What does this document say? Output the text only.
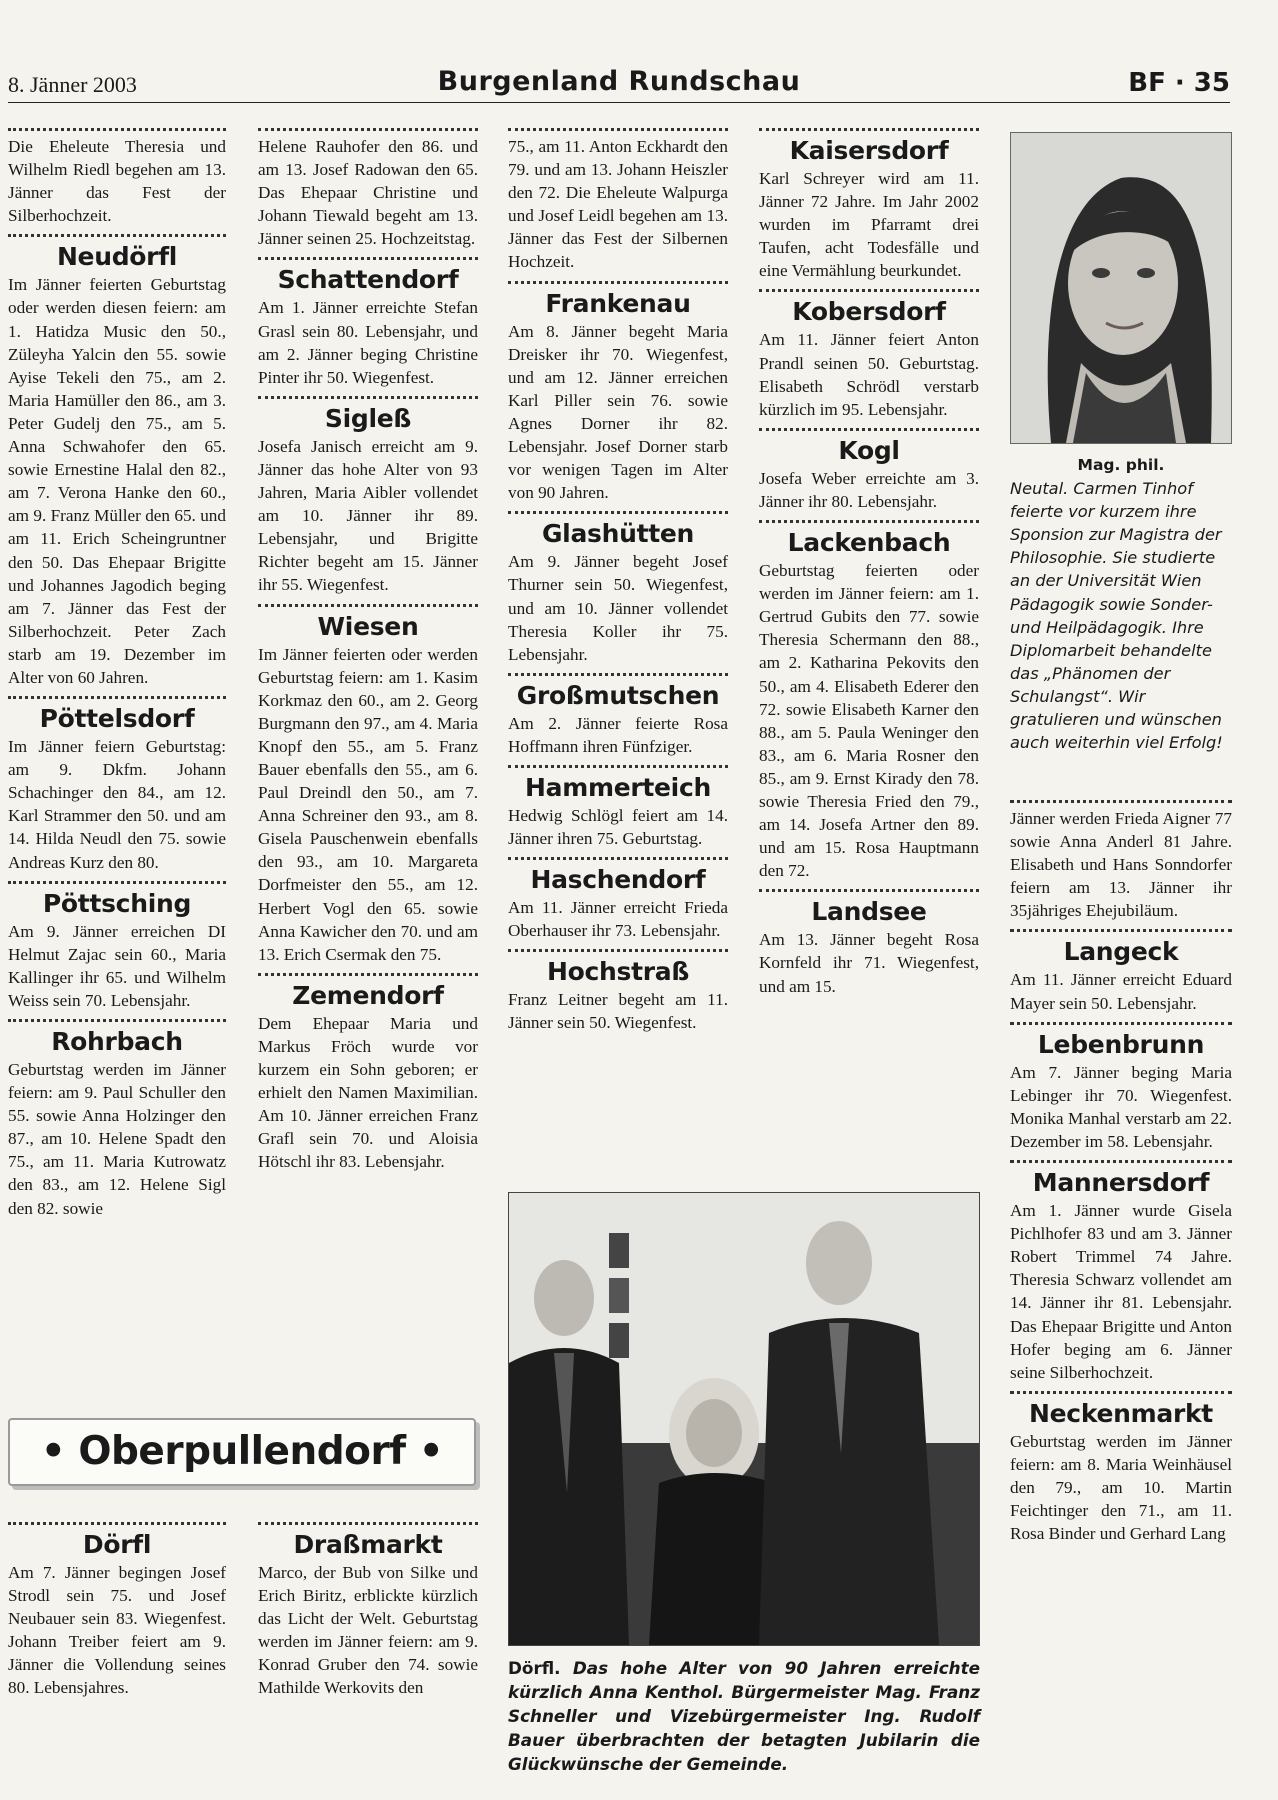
8. Jänner 2003	Burgenland Rundschau	BF · 35

Die Eheleute Theresia und Wilhelm Riedl begehen am 13. Jänner das Fest der Silberhochzeit.

Neudörfl

Im Jänner feierten Geburtstag oder werden diesen feiern: am 1. Hatidza Music den 50., Züleyha Yalcin den 55. sowie Ayise Tekeli den 75., am 2. Maria Hamüller den 86., am 3. Peter Gudelj den 75., am 5. Anna Schwahofer den 65. sowie Ernestine Halal den 82., am 7. Verona Hanke den 60., am 9. Franz Müller den 65. und am 11. Erich Scheingruntner den 50. Das Ehepaar Brigitte und Johannes Jagodich beging am 7. Jänner das Fest der Silberhochzeit. Peter Zach starb am 19. Dezember im Alter von 60 Jahren.

Pöttelsdorf

Im Jänner feiern Geburtstag: am 9. Dkfm. Johann Schachinger den 84., am 12. Karl Strammer den 50. und am 14. Hilda Neudl den 75. sowie Andreas Kurz den 80.

Pöttsching

Am 9. Jänner erreichen DI Helmut Zajac sein 60., Maria Kallinger ihr 65. und Wilhelm Weiss sein 70. Lebensjahr.

Rohrbach

Geburtstag werden im Jänner feiern: am 9. Paul Schuller den 55. sowie Anna Holzinger den 87., am 10. Helene Spadt den 75., am 11. Maria Kutrowatz den 83., am 12. Helene Sigl den 82. sowie

Helene Rauhofer den 86. und am 13. Josef Radowan den 65. Das Ehepaar Christine und Johann Tiewald begeht am 13. Jänner seinen 25. Hochzeitstag.

Schattendorf

Am 1. Jänner erreichte Stefan Grasl sein 80. Lebensjahr, und am 2. Jänner beging Christine Pinter ihr 50. Wiegenfest.

Sigleß

Josefa Janisch erreicht am 9. Jänner das hohe Alter von 93 Jahren, Maria Aibler vollendet am 10. Jänner ihr 89. Lebensjahr, und Brigitte Richter begeht am 15. Jänner ihr 55. Wiegenfest.

Wiesen

Im Jänner feierten oder werden Geburtstag feiern: am 1. Kasim Korkmaz den 60., am 2. Georg Burgmann den 97., am 4. Maria Knopf den 55., am 5. Franz Bauer ebenfalls den 55., am 6. Paul Dreindl den 50., am 7. Anna Schreiner den 93., am 8. Gisela Pauschenwein ebenfalls den 93., am 10. Margareta Dorfmeister den 55., am 12. Herbert Vogl den 65. sowie Anna Kawicher den 70. und am 13. Erich Csermak den 75.

Zemendorf

Dem Ehepaar Maria und Markus Fröch wurde vor kurzem ein Sohn geboren; er erhielt den Namen Maximilian. Am 10. Jänner erreichen Franz Grafl sein 70. und Aloisia Hötschl ihr 83. Lebensjahr.

75., am 11. Anton Eckhardt den 79. und am 13. Johann Heiszler den 72. Die Eheleute Walpurga und Josef Leidl begehen am 13. Jänner das Fest der Silbernen Hochzeit.

Frankenau

Am 8. Jänner begeht Maria Dreisker ihr 70. Wiegenfest, und am 12. Jänner erreichen Karl Piller sein 76. sowie Agnes Dorner ihr 82. Lebensjahr. Josef Dorner starb vor wenigen Tagen im Alter von 90 Jahren.

Glashütten

Am 9. Jänner begeht Josef Thurner sein 50. Wiegenfest, und am 10. Jänner vollendet Theresia Koller ihr 75. Lebensjahr.

Großmutschen

Am 2. Jänner feierte Rosa Hoffmann ihren Fünfziger.

Hammerteich

Hedwig Schlögl feiert am 14. Jänner ihren 75. Geburtstag.

Haschendorf

Am 11. Jänner erreicht Frieda Oberhauser ihr 73. Lebensjahr.

Hochstraß

Franz Leitner begeht am 11. Jänner sein 50. Wiegenfest.

Kaisersdorf

Karl Schreyer wird am 11. Jänner 72 Jahre. Im Jahr 2002 wurden im Pfarramt drei Taufen, acht Todesfälle und eine Vermählung beurkundet.

Kobersdorf

Am 11. Jänner feiert Anton Prandl seinen 50. Geburtstag. Elisabeth Schrödl verstarb kürzlich im 95. Lebensjahr.

Kogl

Josefa Weber erreichte am 3. Jänner ihr 80. Lebensjahr.

Lackenbach

Geburtstag feierten oder werden im Jänner feiern: am 1. Gertrud Gubits den 77. sowie Theresia Schermann den 88., am 2. Katharina Pekovits den 50., am 4. Elisabeth Ederer den 72. sowie Elisabeth Karner den 88., am 5. Paula Weninger den 83., am 6. Maria Rosner den 85., am 9. Ernst Kirady den 78. sowie Theresia Fried den 79., am 14. Josefa Artner den 89. und am 15. Rosa Hauptmann den 72.

Landsee

Am 13. Jänner begeht Rosa Kornfeld ihr 71. Wiegenfest, und am 15.

Mag. phil.
Neutal. Carmen Tinhof feierte vor kurzem ihre Sponsion zur Magistra der Philosophie. Sie studierte an der Universität Wien Pädagogik sowie Sonder- und Heilpädagogik. Ihre Diplomarbeit behandelte das „Phänomen der Schulangst“. Wir gratulieren und wünschen auch weiterhin viel Erfolg!

Jänner werden Frieda Aigner 77 sowie Anna Anderl 81 Jahre. Elisabeth und Hans Sonndorfer feiern am 13. Jänner ihr 35jähriges Ehejubiläum.

Langeck

Am 11. Jänner erreicht Eduard Mayer sein 50. Lebensjahr.

Lebenbrunn

Am 7. Jänner beging Maria Lebinger ihr 70. Wiegenfest. Monika Manhal verstarb am 22. Dezember im 58. Lebensjahr.

Mannersdorf

Am 1. Jänner wurde Gisela Pichlhofer 83 und am 3. Jänner Robert Trimmel 74 Jahre. Theresia Schwarz vollendet am 14. Jänner ihr 81. Lebensjahr. Das Ehepaar Brigitte und Anton Hofer beging am 6. Jänner seine Silberhochzeit.

Neckenmarkt

Geburtstag werden im Jänner feiern: am 8. Maria Weinhäusel den 79., am 10. Martin Feichtinger den 71., am 11. Rosa Binder und Gerhard Lang

• Oberpullendorf •
Dörfl

Am 7. Jänner begingen Josef Strodl sein 75. und Josef Neubauer sein 83. Wiegenfest. Johann Treiber feiert am 9. Jänner die Vollendung seines 80. Lebensjahres.

Draßmarkt

Marco, der Bub von Silke und Erich Biritz, erblickte kürzlich das Licht der Welt. Geburtstag werden im Jänner feiern: am 9. Konrad Gruber den 74. sowie Mathilde Werkovits den

Dörfl. Das hohe Alter von 90 Jahren erreichte kürzlich Anna Kenthol. Bürgermeister Mag. Franz Schneller und Vizebürgermeister Ing. Rudolf Bauer überbrachten der betagten Jubilarin die Glückwünsche der Gemeinde.
